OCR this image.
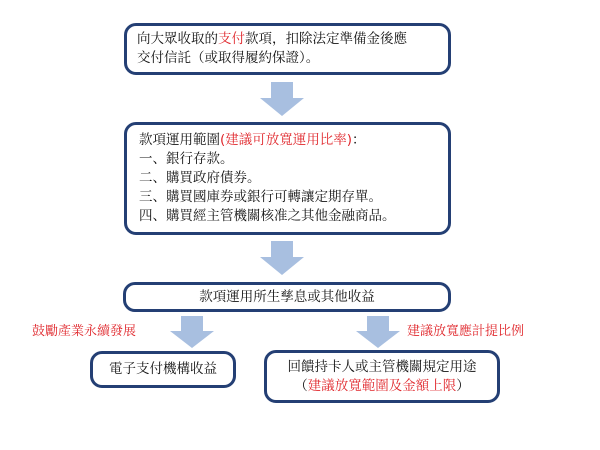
向大眾收取的支付款項，扣除法定準備金後應
交付信託（或取得履約保證）。
款項運用範圍(建議可放寬運用比率)：
一、銀行存款。
二、購買政府債券。
三、購買國庫券或銀行可轉讓定期存單。
四、購買經主管機關核准之其他金融商品。
款項運用所生孳息或其他收益
鼓勵產業永續發展	建議放寬應計提比例
電子支付機構收益	回饋持卡人或主管機關規定用途
（建議放寬範圍及金額上限）
